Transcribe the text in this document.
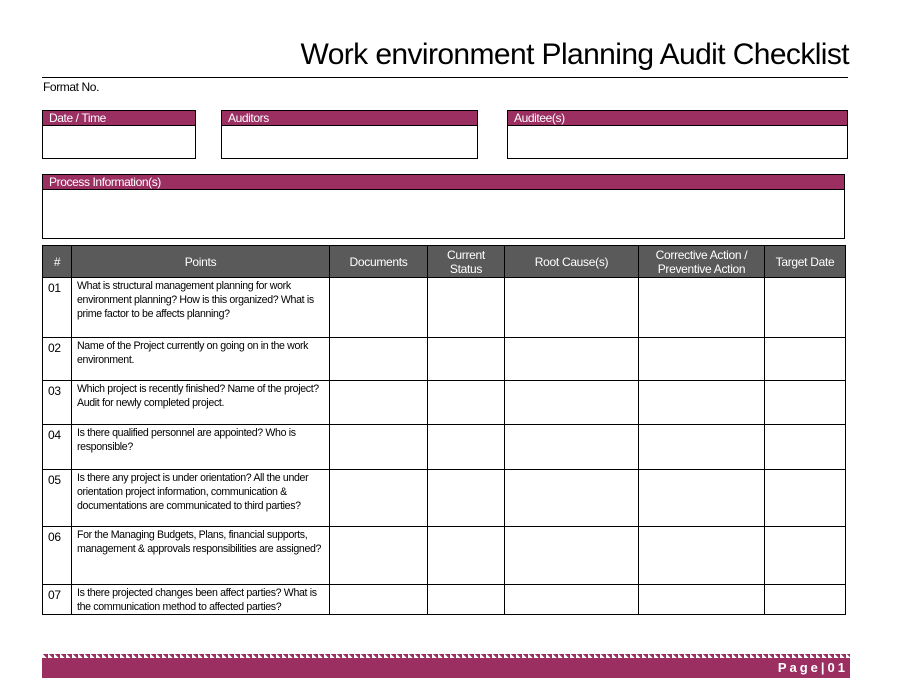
Work environment Planning Audit Checklist
Format No.
Date / Time	Auditors	Auditee(s)
Process Information(s)
#	Points	Documents	Current Status	Root Cause(s)	Corrective Action / Preventive Action	Target Date
01	What is structural management planning for work environment planning? How is this organized? What is prime factor to be affects planning?					
02	Name of the Project currently on going on in the work environment.					
03	Which project is recently finished? Name of the project? Audit for newly completed project.					
04	Is there qualified personnel are appointed? Who is responsible?					
05	Is there any project is under orientation? All the under orientation project information, communication & documentations are communicated to third parties?					
06	For the Managing Budgets, Plans, financial supports, management & approvals responsibilities are assigned?					
07	Is there projected changes been affect parties? What is the communication method to affected parties?					
Page|01
